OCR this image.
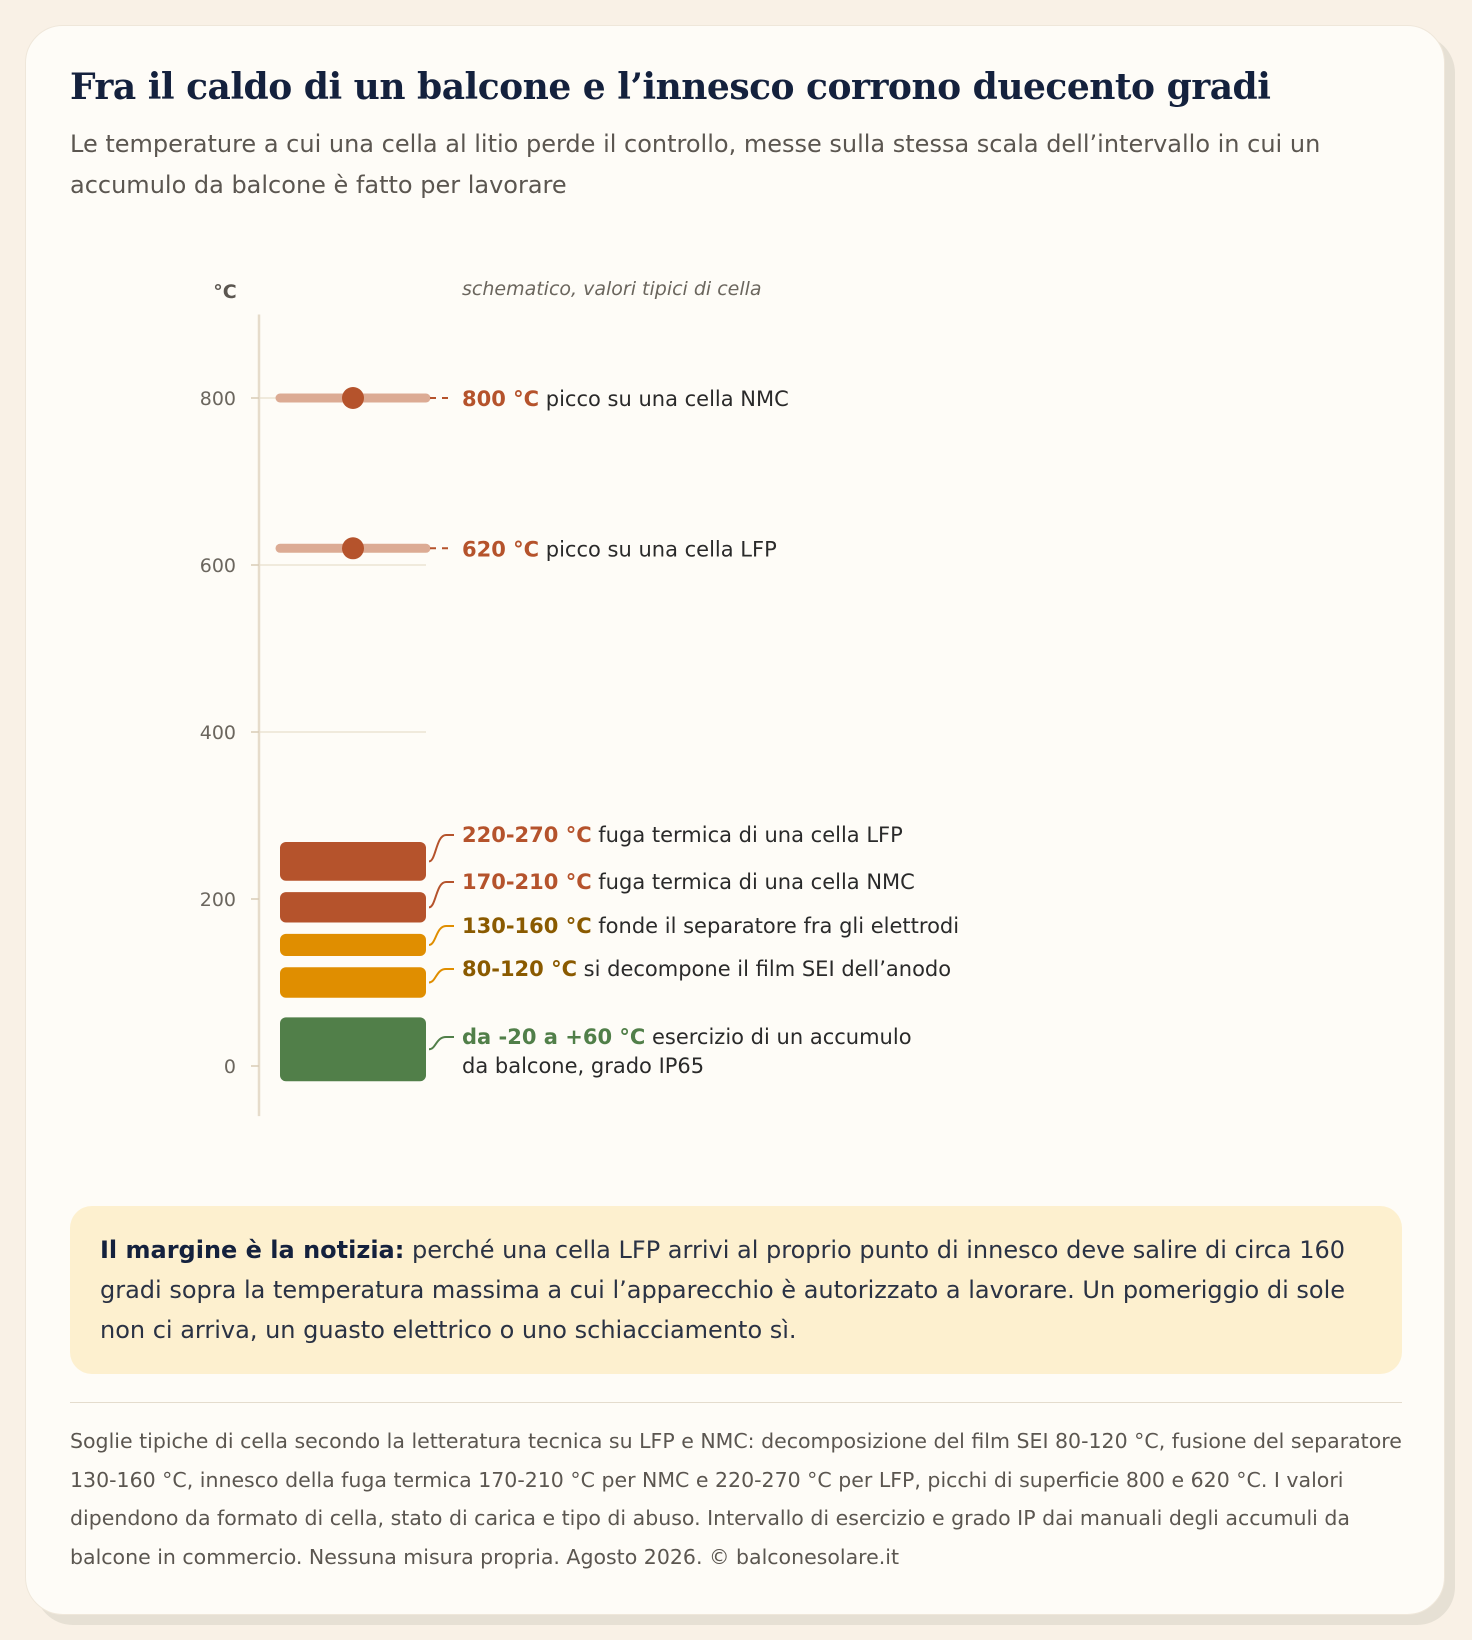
Fra il caldo di un balcone e l’innesco corrono duecento gradi

Le temperature a cui una cella al litio perde il controllo, messe sulla stessa scala dell’intervallo in cui un accumulo da balcone è fatto per lavorare

0
200
400
600
800
°C	schematico, valori tipici di cella
800 °C picco su una cella NMC
620 °C picco su una cella LFP
220-270 °C fuga termica di una cella LFP
170-210 °C fuga termica di una cella NMC
130-160 °C fonde il separatore fra gli elettrodi
80-120 °C si decompone il film SEI dell’anodo
da -20 a +60 °C esercizio di un accumulo
da balcone, grado IP65
Il margine è la notizia: perché una cella LFP arrivi al proprio punto di innesco deve salire di circa 160 gradi sopra la temperatura massima a cui l’apparecchio è autorizzato a lavorare. Un pomeriggio di sole non ci arriva, un guasto elettrico o uno schiacciamento sì.

Soglie tipiche di cella secondo la letteratura tecnica su LFP e NMC: decomposizione del film SEI 80-120 °C, fusione del separatore 130-160 °C, innesco della fuga termica 170-210 °C per NMC e 220-270 °C per LFP, picchi di superficie 800 e 620 °C. I valori dipendono da formato di cella, stato di carica e tipo di abuso. Intervallo di esercizio e grado IP dai manuali degli accumuli da balcone in commercio. Nessuna misura propria. Agosto 2026. © balconesolare.it
